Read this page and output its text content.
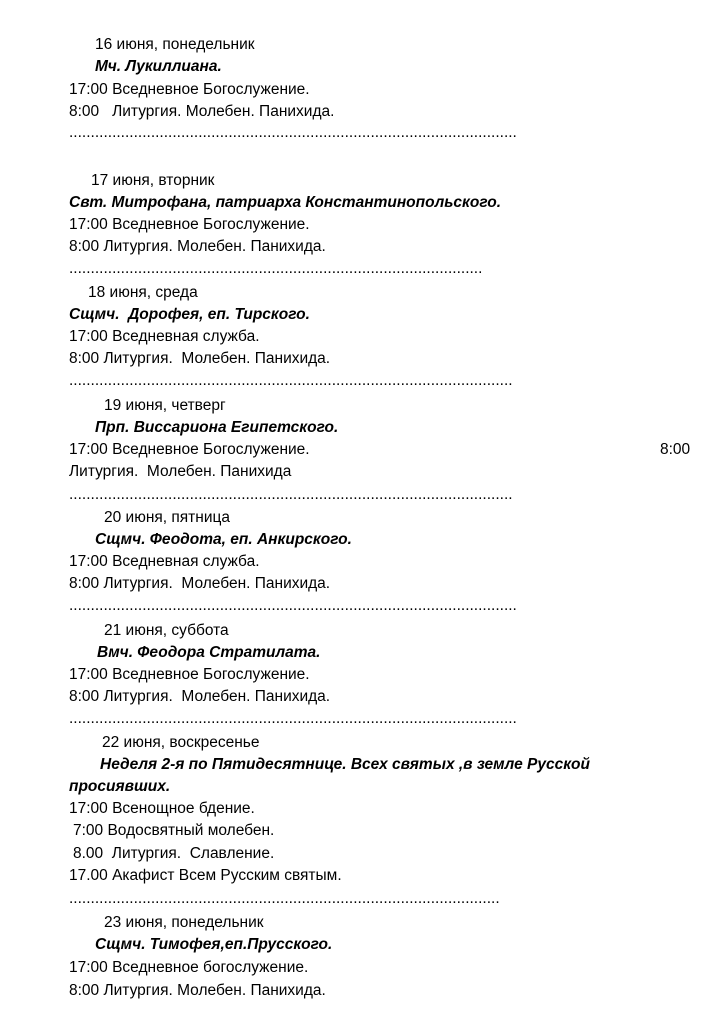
16 июня, понедельник
Мч. Лукиллиана.
17:00 Вседневное Богослужение.
8:00   Литургия. Молебен. Панихида.
........................................................................................................
17 июня, вторник
Свт. Митрофана, патриарха Константинопольского.
17:00 Вседневное Богослужение.
8:00 Литургия. Молебен. Панихида.
................................................................................................
18 июня, среда
Сщмч.  Дорофея, еп. Тирского.
17:00 Вседневная служба.
8:00 Литургия.  Молебен. Панихида.
.......................................................................................................
19 июня, четверг
Прп. Виссариона Египетского.
17:00 Вседневное Богослужение.	8:00
Литургия.  Молебен. Панихида
.......................................................................................................
20 июня, пятница
Сщмч. Феодота, еп. Анкирского.
17:00 Вседневная служба.
8:00 Литургия.  Молебен. Панихида.
........................................................................................................
21 июня, суббота
Вмч. Феодора Стратилата.
17:00 Вседневное Богослужение.
8:00 Литургия.  Молебен. Панихида.
........................................................................................................
22 июня, воскресенье
Неделя 2-я по Пятидесятнице. Всех святых ,в земле Русской
просиявших.
17:00 Всенощное бдение.
7:00 Водосвятный молебен.
8.00  Литургия.  Славление.
17.00 Акафист Всем Русским святым.
....................................................................................................
23 июня, понедельник
Сщмч. Тимофея,еп.Прусского.
17:00 Вседневное богослужение.
8:00 Литургия. Молебен. Панихида.
